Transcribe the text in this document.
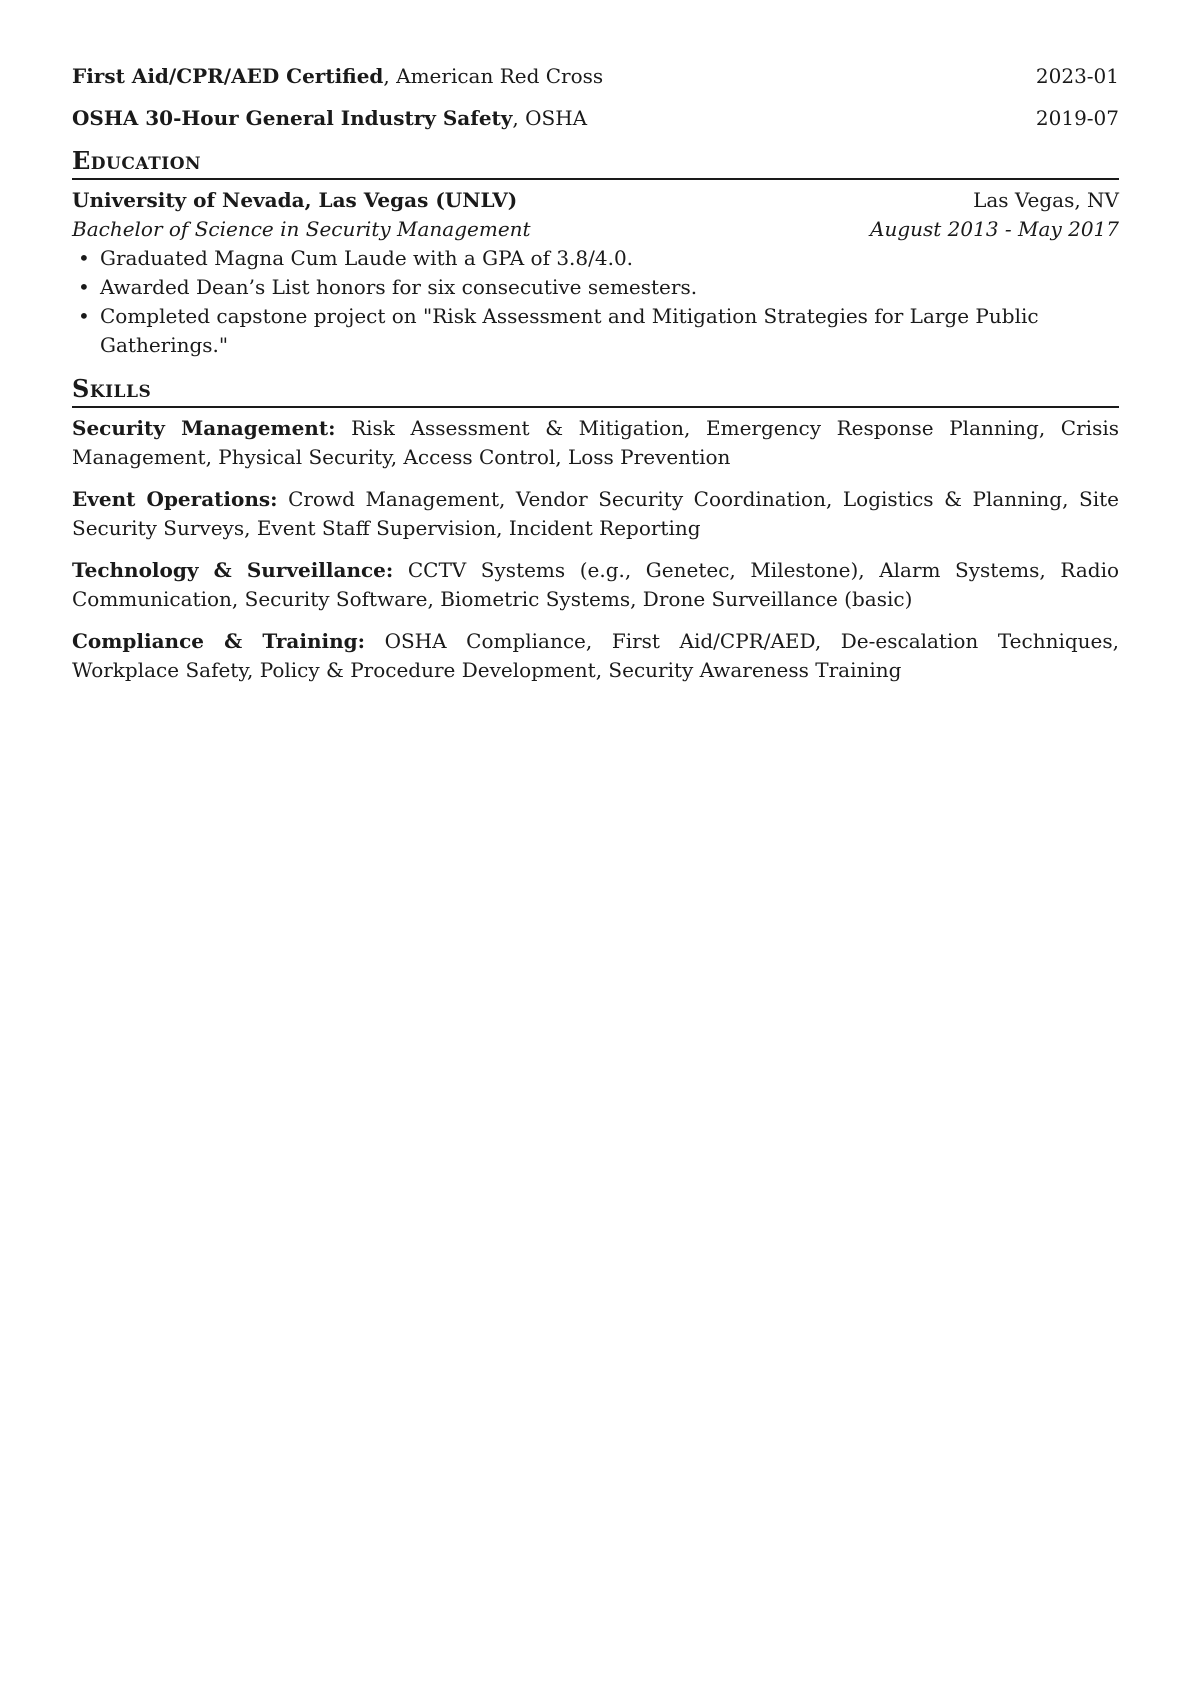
First Aid/CPR/AED Certified, American Red Cross	2023-01
OSHA 30-Hour General Industry Safety, OSHA	2019-07
Education
University of Nevada, Las Vegas (UNLV)	Las Vegas, NV
Bachelor of Science in Security Management	August 2013 - May 2017
• Graduated Magna Cum Laude with a GPA of 3.8/4.0.
• Awarded Dean’s List honors for six consecutive semesters.
• Completed capstone project on "Risk Assessment and Mitigation Strategies for Large Public Gatherings."
Skills

Security Management: Risk Assessment & Mitigation, Emergency Response Planning, Crisis Management, Physical Security, Access Control, Loss Prevention

Event Operations: Crowd Management, Vendor Security Coordination, Logistics & Planning, Site Security Surveys, Event Staff Supervision, Incident Reporting

Technology & Surveillance: CCTV Systems (e.g., Genetec, Milestone), Alarm Systems, Radio Communication, Security Software, Biometric Systems, Drone Surveillance (basic)

Compliance & Training: OSHA Compliance, First Aid/CPR/AED, De-escalation Techniques, Workplace Safety, Policy & Procedure Development, Security Awareness Training
